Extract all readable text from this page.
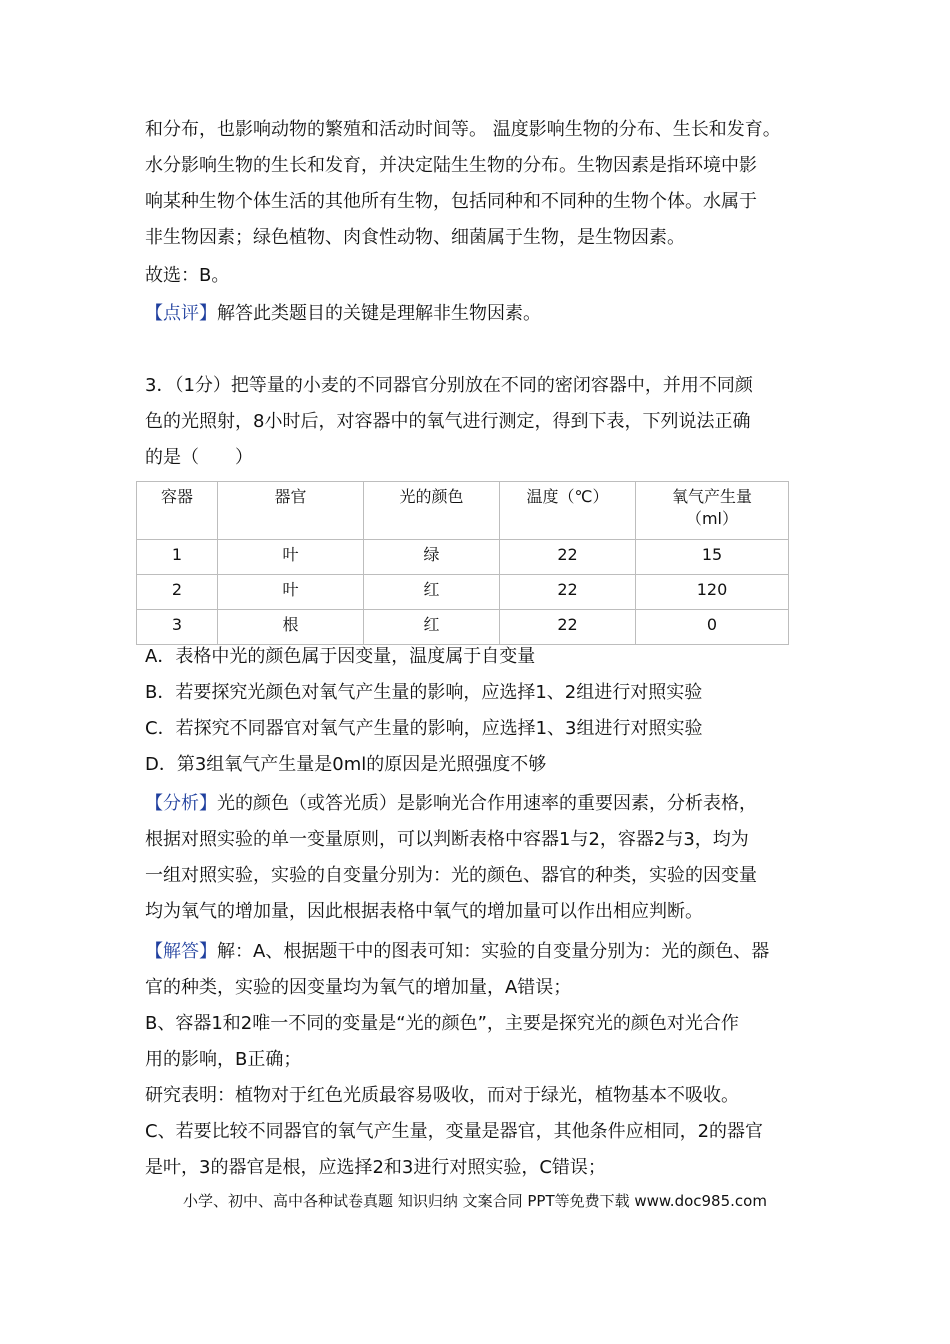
和分布，也影响动物的繁殖和活动时间等。 温度影响生物的分布、生长和发育。
水分影响生物的生长和发育，并决定陆生生物的分布。生物因素是指环境中影
响某种生物个体生活的其他所有生物，包括同种和不同种的生物个体。水属于
非生物因素；绿色植物、肉食性动物、细菌属于生物，是生物因素。
故选：B。
【点评】解答此类题目的关键是理解非生物因素。
3．（1分）把等量的小麦的不同器官分别放在不同的密闭容器中，并用不同颜
色的光照射，8小时后，对容器中的氧气进行测定，得到下表，下列说法正确
的是（　　）
容器	器官	光的颜色	温度（℃）	氧气产生量
（ml）

1	叶	绿	22	15
2	叶	红	22	120
3	根	红	22	0
A．表格中光的颜色属于因变量，温度属于自变量
B．若要探究光颜色对氧气产生量的影响，应选择1、2组进行对照实验
C．若探究不同器官对氧气产生量的影响，应选择1、3组进行对照实验
D．第3组氧气产生量是0ml的原因是光照强度不够
【分析】光的颜色（或答光质）是影响光合作用速率的重要因素，分析表格，
根据对照实验的单一变量原则，可以判断表格中容器1与2，容器2与3，均为
一组对照实验，实验的自变量分别为：光的颜色、器官的种类，实验的因变量
均为氧气的增加量，因此根据表格中氧气的增加量可以作出相应判断。
【解答】解：A、根据题干中的图表可知：实验的自变量分别为：光的颜色、器
官的种类，实验的因变量均为氧气的增加量，A错误；
B、容器1和2唯一不同的变量是“光的颜色”，主要是探究光的颜色对光合作
用的影响，B正确；
研究表明：植物对于红色光质最容易吸收，而对于绿光，植物基本不吸收。
C、若要比较不同器官的氧气产生量，变量是器官，其他条件应相同，2的器官
是叶，3的器官是根，应选择2和3进行对照实验，C错误；
小学、初中、高中各种试卷真题 知识归纳 文案合同 PPT等免费下载 www.doc985.com
